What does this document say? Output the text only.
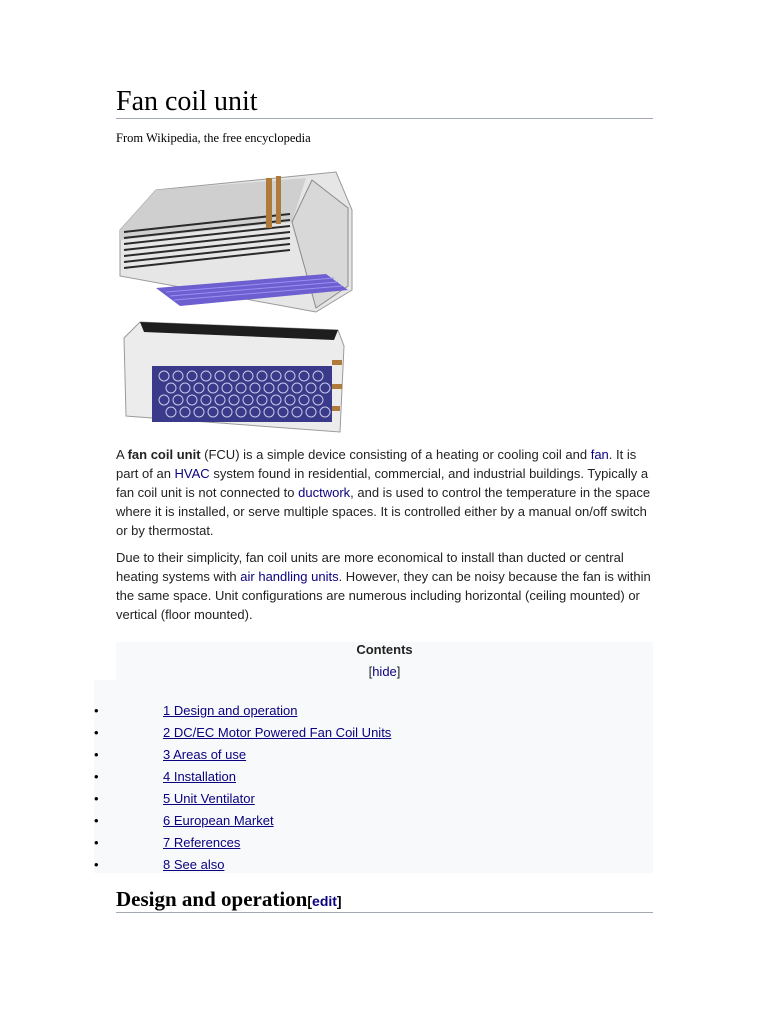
Fan coil unit
From Wikipedia, the free encyclopedia

A fan coil unit (FCU) is a simple device consisting of a heating or cooling coil and fan. It is part of an HVAC system found in residential, commercial, and industrial buildings. Typically a fan coil unit is not connected to ductwork, and is used to control the temperature in the space where it is installed, or serve multiple spaces. It is controlled either by a manual on/off switch or by thermostat.

Due to their simplicity, fan coil units are more economical to install than ducted or central heating systems with air handling units. However, they can be noisy because the fan is within the same space. Unit configurations are numerous including horizontal (ceiling mounted) or vertical (floor mounted).

Contents
[hide]
•	1 Design and operation
•	2 DC/EC Motor Powered Fan Coil Units
•	3 Areas of use
•	4 Installation
•	5 Unit Ventilator
•	6 European Market
•	7 References
•	8 See also
Design and operation[edit]
